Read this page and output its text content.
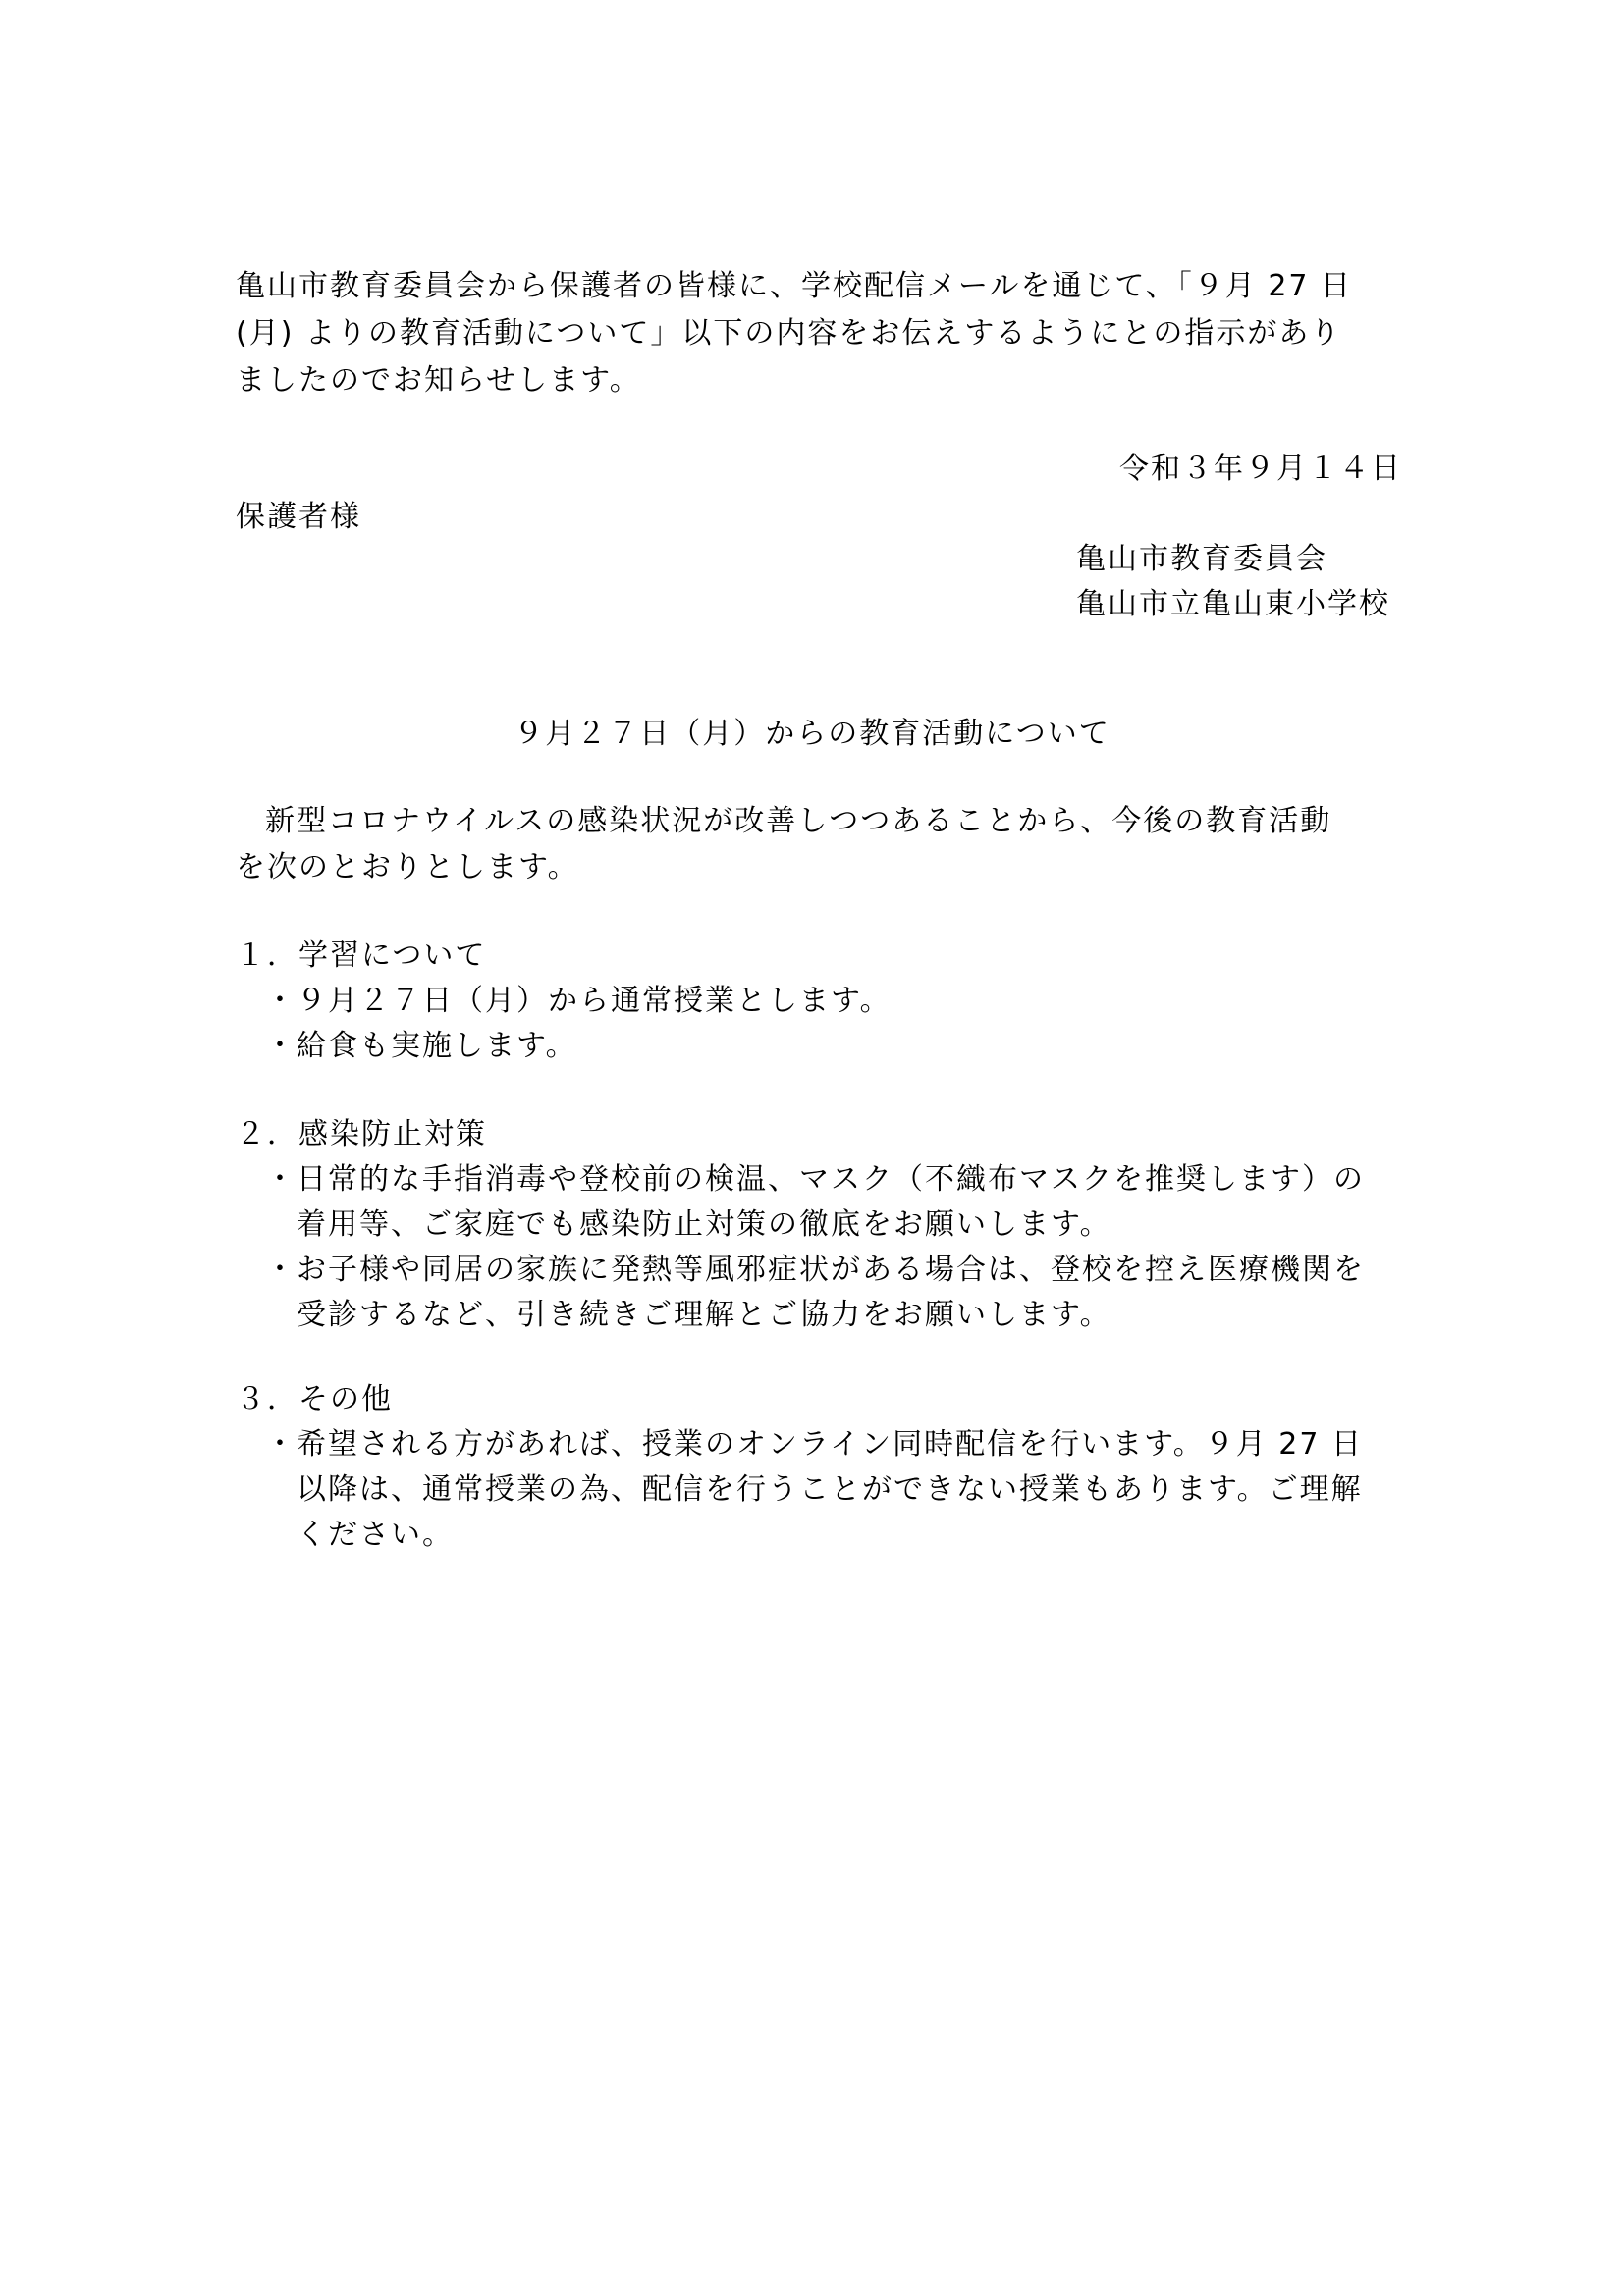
亀山市教育委員会から保護者の皆様に、学校配信メールを通じて、「９月 27 日
(月) よりの教育活動について」以下の内容をお伝えするようにとの指示があり
ましたのでお知らせします。
令和３年９月１４日
保護者様
亀山市教育委員会
亀山市立亀山東小学校
９月２７日（月）からの教育活動について
新型コロナウイルスの感染状況が改善しつつあることから、今後の教育活動
を次のとおりとします。
１．学習について
・９月２７日（月）から通常授業とします。
・給食も実施します。
２．感染防止対策
・日常的な手指消毒や登校前の検温、マスク（不織布マスクを推奨します）の
着用等、ご家庭でも感染防止対策の徹底をお願いします。
・お子様や同居の家族に発熱等風邪症状がある場合は、登校を控え医療機関を
受診するなど、引き続きご理解とご協力をお願いします。
３．その他
・希望される方があれば、授業のオンライン同時配信を行います。９月 27 日
以降は、通常授業の為、配信を行うことができない授業もあります。ご理解
ください。
